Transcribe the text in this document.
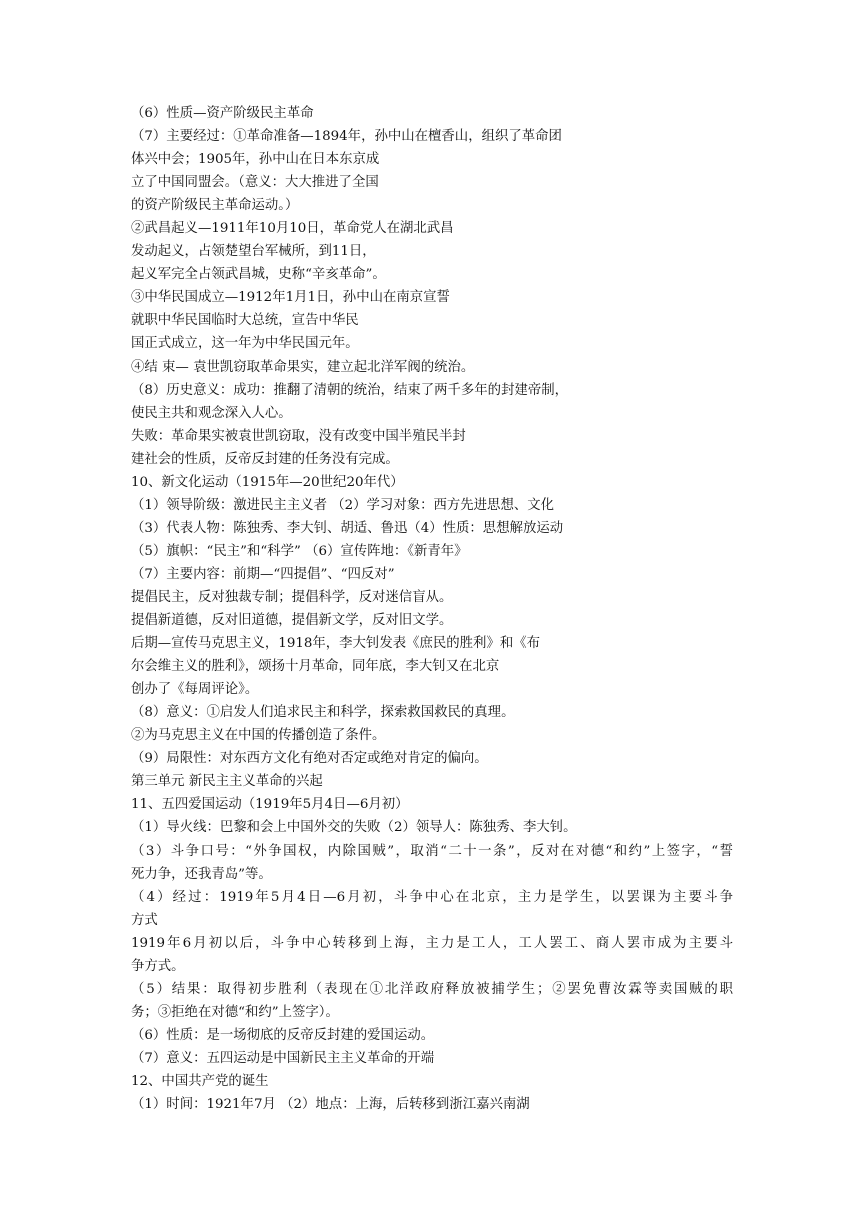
（6）性质—资产阶级民主革命
（7）主要经过：①革命准备—1894年，孙中山在檀香山，组织了革命团
体兴中会；1905年，孙中山在日本东京成
立了中国同盟会。（意义：大大推进了全国
的资产阶级民主革命运动。）
②武昌起义—1911年10月10日，革命党人在湖北武昌
发动起义，占领楚望台军械所，到11日，
起义军完全占领武昌城，史称“辛亥革命”。
③中华民国成立—1912年1月1日，孙中山在南京宣誓
就职中华民国临时大总统，宣告中华民
国正式成立，这一年为中华民国元年。
④结 束— 袁世凯窃取革命果实，建立起北洋军阀的统治。
（8）历史意义：成功：推翻了清朝的统治，结束了两千多年的封建帝制，
使民主共和观念深入人心。
失败：革命果实被袁世凯窃取，没有改变中国半殖民半封
建社会的性质，反帝反封建的任务没有完成。
10、新文化运动（1915年—20世纪20年代）
（1）领导阶级：激进民主主义者 （2）学习对象：西方先进思想、文化
（3）代表人物：陈独秀、李大钊、胡适、鲁迅（4）性质：思想解放运动
（5）旗帜：“民主”和“科学” （6）宣传阵地：《新青年》
（7）主要内容：前期—“四提倡”、“四反对”
提倡民主，反对独裁专制；提倡科学，反对迷信盲从。
提倡新道德，反对旧道德，提倡新文学，反对旧文学。
后期—宣传马克思主义，1918年，李大钊发表《庶民的胜利》和《布
尔会维主义的胜利》，颂扬十月革命，同年底，李大钊又在北京
创办了《每周评论》。
（8）意义：①启发人们追求民主和科学，探索救国救民的真理。
②为马克思主义在中国的传播创造了条件。
（9）局限性：对东西方文化有绝对否定或绝对肯定的偏向。
第三单元 新民主主义革命的兴起
11、五四爱国运动（1919年5月4日—6月初）
（1）导火线：巴黎和会上中国外交的失败（2）领导人：陈独秀、李大钊。
（3）斗争口号：“外争国权，内除国贼”，取消“二十一条”，反对在对德“和约”上签字，“誓
死力争，还我青岛”等。
（4）经过：1919年5月4日—6月初，斗争中心在北京，主力是学生，以罢课为主要斗争
方式
1919年6月初以后，斗争中心转移到上海，主力是工人，工人罢工、商人罢市成为主要斗
争方式。
（5）结果：取得初步胜利（表现在①北洋政府释放被捕学生；②罢免曹汝霖等卖国贼的职
务；③拒绝在对德“和约”上签字）。
（6）性质：是一场彻底的反帝反封建的爱国运动。
（7）意义：五四运动是中国新民主主义革命的开端
12、中国共产党的诞生
（1）时间：1921年7月 （2）地点：上海，后转移到浙江嘉兴南湖
